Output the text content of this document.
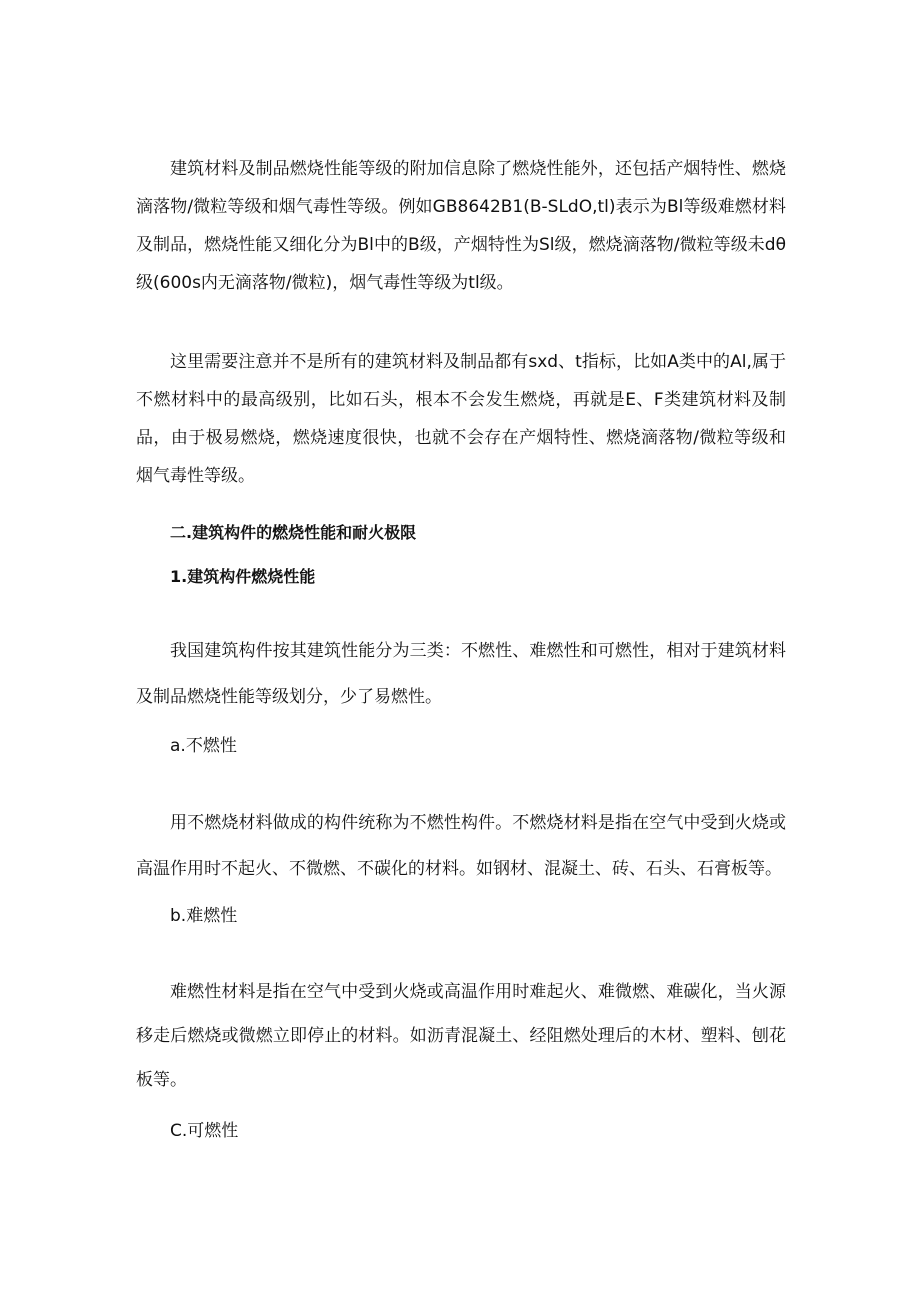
建筑材料及制品燃烧性能等级的附加信息除了燃烧性能外，还包括产烟特性、燃烧滴落物/微粒等级和烟气毒性等级。例如GB8642B1(B-SLdO,tl)表示为Bl等级难燃材料及制品，燃烧性能又细化分为Bl中的B级，产烟特性为Sl级，燃烧滴落物/微粒等级未dθ级(600s内无滴落物/微粒)，烟气毒性等级为tl级。

这里需要注意并不是所有的建筑材料及制品都有sxd、t指标，比如A类中的Al,属于不燃材料中的最高级别，比如石头，根本不会发生燃烧，再就是E、F类建筑材料及制品，由于极易燃烧，燃烧速度很快，也就不会存在产烟特性、燃烧滴落物/微粒等级和烟气毒性等级。

二.建筑构件的燃烧性能和耐火极限
1.建筑构件燃烧性能

我国建筑构件按其建筑性能分为三类：不燃性、难燃性和可燃性，相对于建筑材料及制品燃烧性能等级划分，少了易燃性。

a.不燃性

用不燃烧材料做成的构件统称为不燃性构件。不燃烧材料是指在空气中受到火烧或高温作用时不起火、不微燃、不碳化的材料。如钢材、混凝土、砖、石头、石膏板等。

b.难燃性

难燃性材料是指在空气中受到火烧或高温作用时难起火、难微燃、难碳化，当火源移走后燃烧或微燃立即停止的材料。如沥青混凝土、经阻燃处理后的木材、塑料、刨花板等。

C.可燃性
